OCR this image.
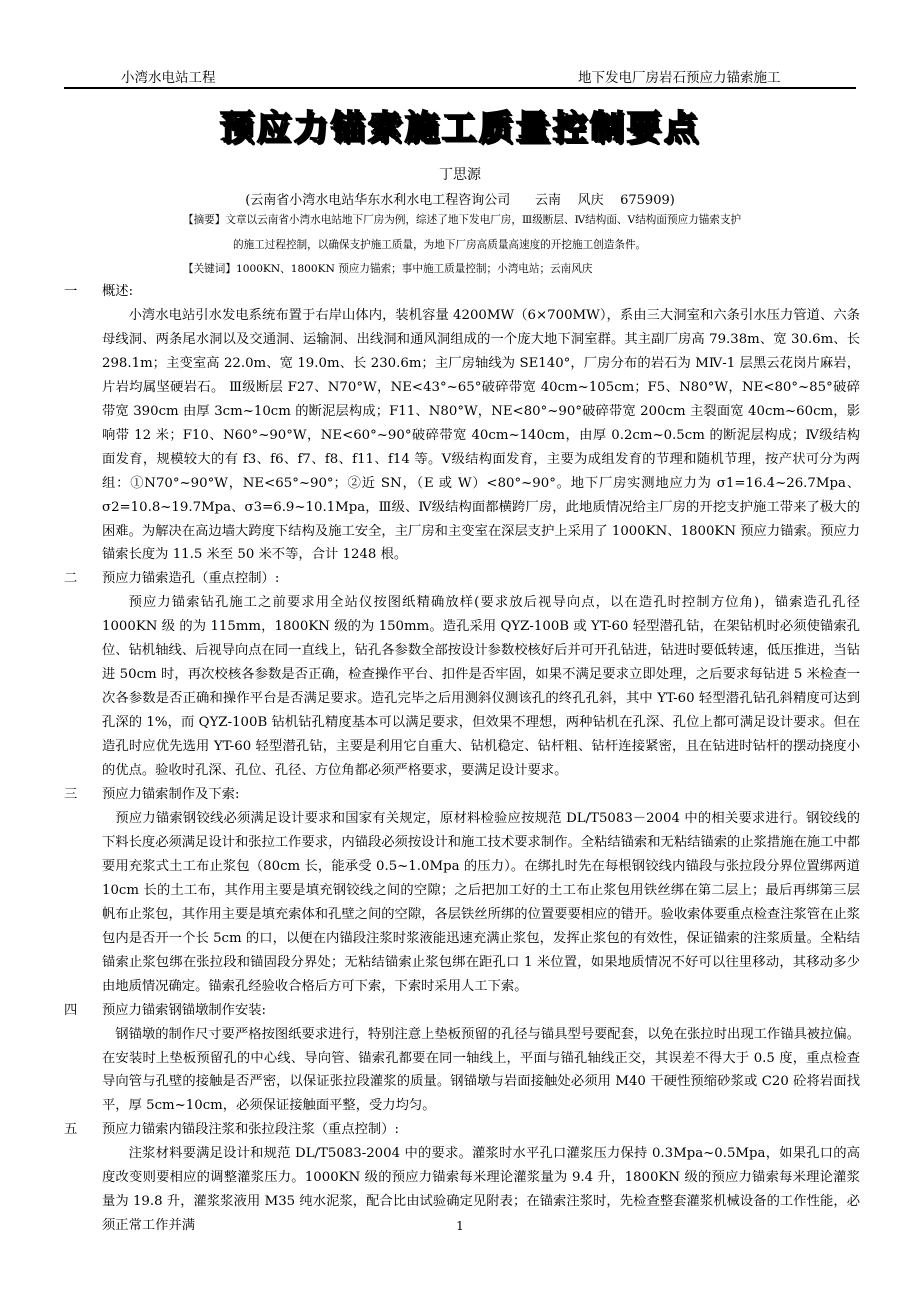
小湾水电站工程	地下发电厂房岩石预应力锚索施工
预应力锚索施工质量控制要点
丁思源
(云南省小湾水电站华东水利水电工程咨询公司      云南    风庆    675909)
【摘要】文章以云南省小湾水电站地下厂房为例，综述了地下发电厂房，Ⅲ级断层、Ⅳ结构面、Ⅴ结构面预应力锚索支护
的施工过程控制，以确保支护施工质量，为地下厂房高质量高速度的开挖施工创造条件。
【关键词】1000KN、1800KN 预应力锚索；事中施工质量控制；小湾电站；云南风庆
一 概述:

小湾水电站引水发电系统布置于右岸山体内，装机容量 4200MW（6×700MW），系由三大洞室和六条引水压力管道、六条母线洞、两条尾水洞以及交通洞、运输洞、出线洞和通风洞组成的一个庞大地下洞室群。其主副厂房高 79.38m、宽 30.6m、长 298.1m；主变室高 22.0m、宽 19.0m、长 230.6m；主厂房轴线为 SE140°，厂房分布的岩石为 MⅣ-1 层黑云花岗片麻岩，片岩均属坚硬岩石。 Ⅲ级断层 F27、N70°W，NE<43°~65°破碎带宽 40cm~105cm；F5、N80°W，NE<80°~85°破碎带宽 390cm 由厚 3cm~10cm 的断泥层构成；F11、N80°W，NE<80°~90°破碎带宽 200cm 主裂面宽 40cm~60cm，影响带 12 米；F10、N60°~90°W，NE<60°~90°破碎带宽 40cm~140cm，由厚 0.2cm~0.5cm 的断泥层构成；Ⅳ级结构面发育，规模较大的有 f3、f6、f7、f8、f11、f14 等。Ⅴ级结构面发育，主要为成组发育的节理和随机节理，按产状可分为两组：①N70°~90°W，NE<65°~90°；②近 SN，（E 或 W）<80°~90°。地下厂房实测地应力为 σ1=16.4~26.7Mpa、σ2=10.8~19.7Mpa、σ3=6.9~10.1Mpa，Ⅲ级、Ⅳ级结构面都横跨厂房，此地质情况给主厂房的开挖支护施工带来了极大的困难。为解决在高边墙大跨度下结构及施工安全，主厂房和主变室在深层支护上采用了 1000KN、1800KN 预应力锚索。预应力锚索长度为 11.5 米至 50 米不等，合计 1248 根。

二 预应力锚索造孔（重点控制）:

预应力锚索钻孔施工之前要求用全站仪按图纸精确放样(要求放后视导向点，以在造孔时控制方位角)，锚索造孔孔径 1000KN 级 的为 115mm，1800KN 级的为 150mm。造孔采用 QYZ-100B 或 YT-60 轻型潜孔钻，在架钻机时必须使锚索孔位、钻机轴线、后视导向点在同一直线上，钻孔各参数全部按设计参数校核好后并可开孔钻进，钻进时要低转速，低压推进，当钻进 50cm 时，再次校核各参数是否正确，检查操作平台、扣件是否牢固，如果不满足要求立即处理，之后要求每钻进 5 米检查一次各参数是否正确和操作平台是否满足要求。造孔完毕之后用测斜仪测该孔的终孔孔斜，其中 YT-60 轻型潜孔钻孔斜精度可达到孔深的 1%，而 QYZ-100B 钻机钻孔精度基本可以满足要求，但效果不理想，两种钻机在孔深、孔位上都可满足设计要求。但在造孔时应优先选用 YT-60 轻型潜孔钻，主要是利用它自重大、钻机稳定、钻杆粗、钻杆连接紧密，且在钻进时钻杆的摆动挠度小的优点。验收时孔深、孔位、孔径、方位角都必须严格要求，要满足设计要求。

三 预应力锚索制作及下索:

预应力锚索钢铰线必须满足设计要求和国家有关规定，原材料检验应按规范 DL/T5083－2004 中的相关要求进行。钢铰线的下料长度必须满足设计和张拉工作要求，内锚段必须按设计和施工技术要求制作。全粘结锚索和无粘结锚索的止浆措施在施工中都要用充浆式土工布止浆包（80cm 长，能承受 0.5~1.0Mpa 的压力）。在绑扎时先在每根钢铰线内锚段与张拉段分界位置绑两道 10cm 长的土工布，其作用主要是填充钢铰线之间的空隙；之后把加工好的土工布止浆包用铁丝绑在第二层上；最后再绑第三层帆布止浆包，其作用主要是填充索体和孔壁之间的空隙，各层铁丝所绑的位置要要相应的错开。验收索体要重点检查注浆管在止浆包内是否开一个长 5cm 的口，以便在内锚段注浆时浆液能迅速充满止浆包，发挥止浆包的有效性，保证锚索的注浆质量。全粘结锚索止浆包绑在张拉段和锚固段分界处；无粘结锚索止浆包绑在距孔口 1 米位置，如果地质情况不好可以往里移动，其移动多少由地质情况确定。锚索孔经验收合格后方可下索，下索时采用人工下索。

四 预应力锚索钢锚墩制作安装:

钢锚墩的制作尺寸要严格按图纸要求进行，特别注意上垫板预留的孔径与锚具型号要配套，以免在张拉时出现工作锚具被拉偏。在安装时上垫板预留孔的中心线、导向管、锚索孔都要在同一轴线上，平面与锚孔轴线正交，其误差不得大于 0.5 度，重点检查导向管与孔壁的接触是否严密，以保证张拉段灌浆的质量。钢锚墩与岩面接触处必须用 M40 干硬性预缩砂浆或 C20 砼将岩面找平，厚 5cm~10cm，必须保证接触面平整，受力均匀。

五 预应力锚索内锚段注浆和张拉段注浆（重点控制）:

注浆材料要满足设计和规范 DL/T5083-2004 中的要求。灌浆时水平孔口灌浆压力保持 0.3Mpa~0.5Mpa，如果孔口的高度改变则要相应的调整灌浆压力。1000KN 级的预应力锚索每米理论灌浆量为 9.4 升，1800KN 级的预应力锚索每米理论灌浆量为 19.8 升，灌浆浆液用 M35 纯水泥浆，配合比由试验确定见附表；在锚索注浆时，先检查整套灌浆机械设备的工作性能，必须正常工作并满	1
